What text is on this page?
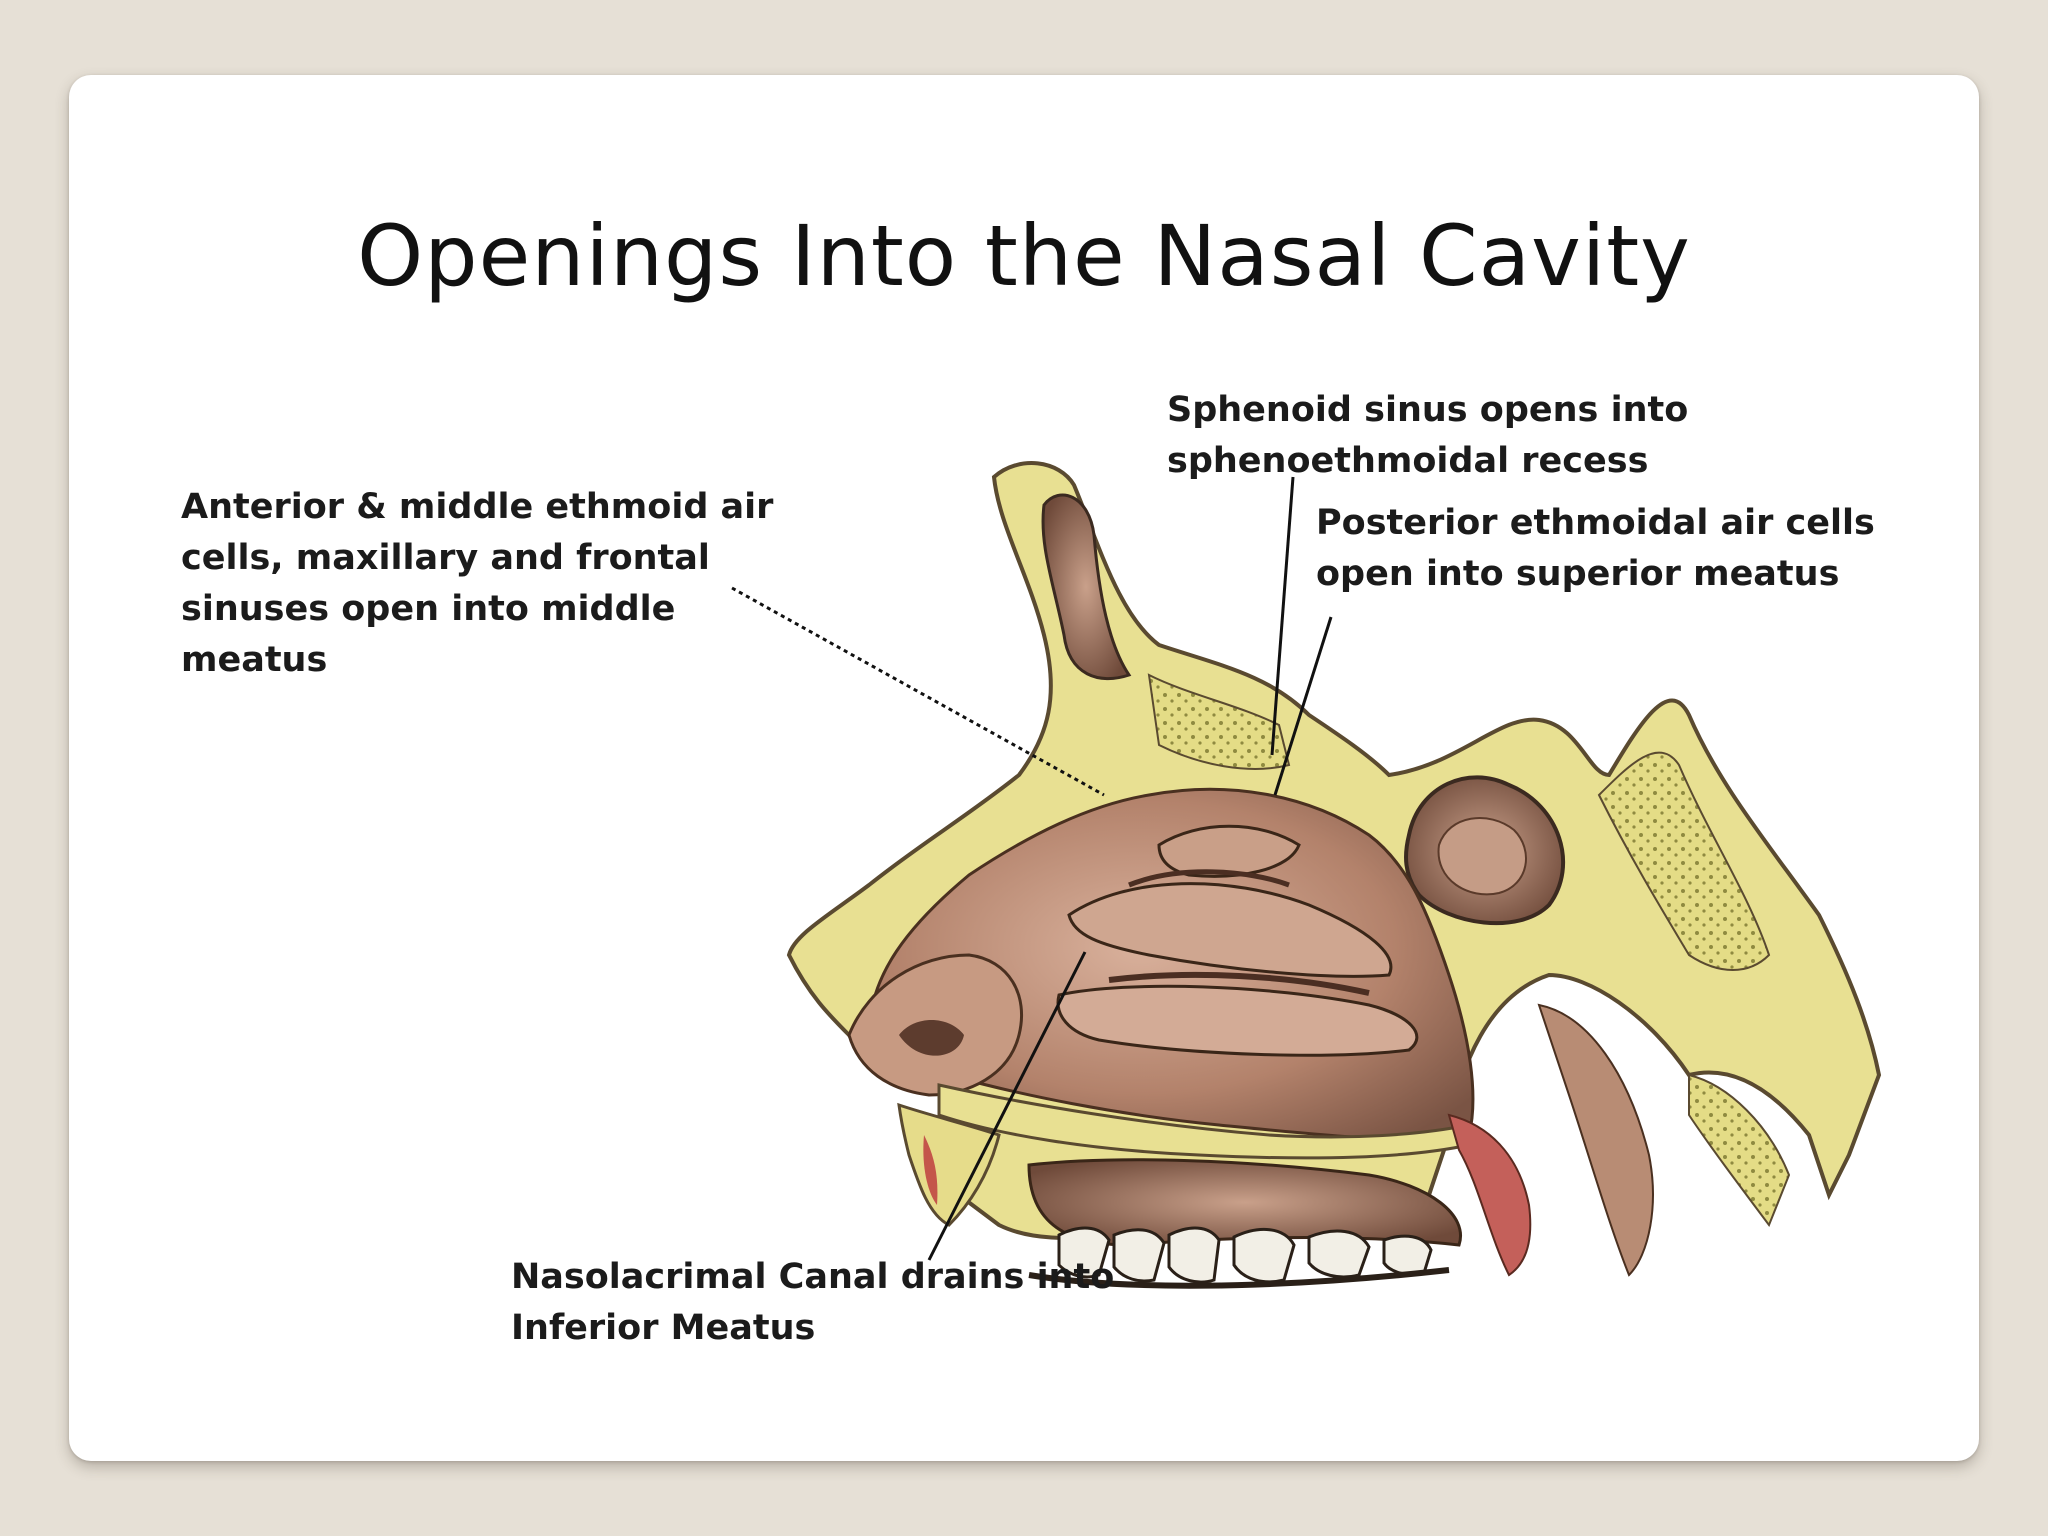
Openings Into the Nasal Cavity
Anterior & middle ethmoid air
cells, maxillary and frontal
sinuses open into middle
meatus
Sphenoid sinus opens into
sphenoethmoidal recess
Posterior ethmoidal air cells
open into superior meatus
Nasolacrimal Canal drains into
Inferior Meatus
